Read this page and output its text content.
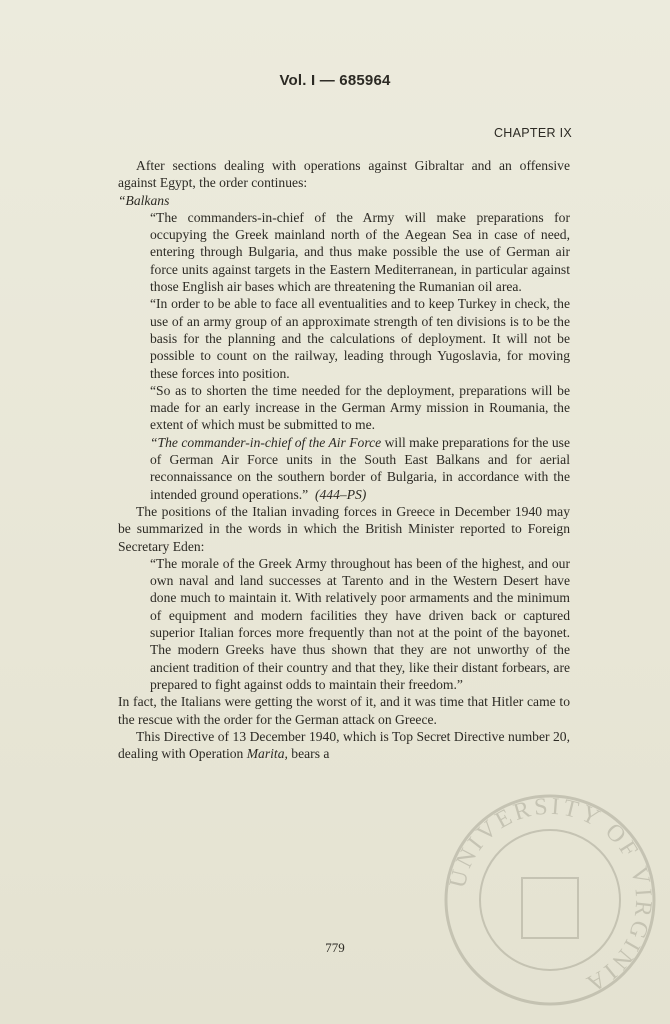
Vol. I — 685964
CHAPTER IX

After sections dealing with operations against Gibraltar and an offensive against Egypt, the order continues:

“Balkans

“The commanders-in-chief of the Army will make preparations for occupying the Greek mainland north of the Aegean Sea in case of need, entering through Bulgaria, and thus make possible the use of German air force units against targets in the Eastern Mediterranean, in particular against those English air bases which are threatening the Rumanian oil area.

“In order to be able to face all eventualities and to keep Turkey in check, the use of an army group of an approximate strength of ten divisions is to be the basis for the planning and the calculations of deployment. It will not be possible to count on the railway, leading through Yugoslavia, for moving these forces into position.

“So as to shorten the time needed for the deployment, preparations will be made for an early increase in the German Army mission in Roumania, the extent of which must be submitted to me.

“The commander-in-chief of the Air Force will make preparations for the use of German Air Force units in the South East Balkans and for aerial reconnaissance on the southern border of Bulgaria, in accordance with the intended ground operations.” (444–PS)

The positions of the Italian invading forces in Greece in December 1940 may be summarized in the words in which the British Minister reported to Foreign Secretary Eden:

“The morale of the Greek Army throughout has been of the highest, and our own naval and land successes at Tarento and in the Western Desert have done much to maintain it. With relatively poor armaments and the minimum of equipment and modern facilities they have driven back or captured superior Italian forces more frequently than not at the point of the bayonet. The modern Greeks have thus shown that they are not unworthy of the ancient tradition of their country and that they, like their distant forbears, are prepared to fight against odds to maintain their freedom.”

In fact, the Italians were getting the worst of it, and it was time that Hitler came to the rescue with the order for the German attack on Greece.

This Directive of 13 December 1940, which is Top Secret Directive number 20, dealing with Operation Marita, bears a

779
UNIVERSITY OF VIRGINIA
